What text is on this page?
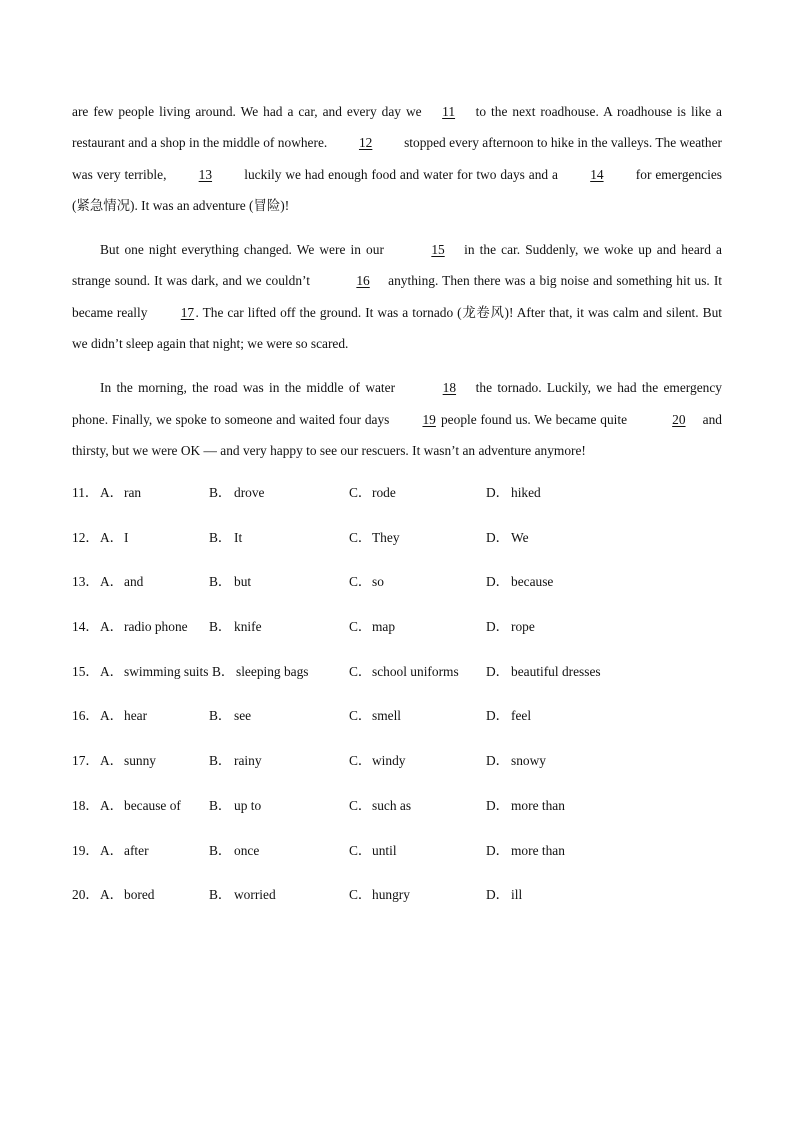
are few people living around. We had a car, and every day we 11 to the next roadhouse. A roadhouse is like a restaurant and a shop in the middle of nowhere. 12 stopped every afternoon to hike in the valleys. The weather was very terrible, 13 luckily we had enough food and water for two days and a 14 for emergencies (紧急情况). It was an adventure (冒险)!

But one night everything changed. We were in our	15 in the car. Suddenly, we woke up and heard a strange sound. It was dark, and we couldn’t	16 anything. Then there was a big noise and something hit us. It became really 17. The car lifted off the ground. It was a tornado (龙卷风)! After that, it was calm and silent. But we didn’t sleep again that night; we were so scared.

In the morning, the road was in the middle of water	18 the tornado. Luckily, we had the emergency phone. Finally, we spoke to someone and waited four days 19 people found us. We became quite	20 and thirsty, but we were OK — and very happy to see our rescuers. It wasn’t an adventure anymore!

11． A． ran	B． drove	C． rode	D． hiked
12． A． I	B． It	C． They	D． We
13． A． and	B． but	C． so	D． because
14． A． radio phone B． knife	C． map	D． rope
15． A． swimming suits B． sleeping bags	C． school uniforms D． beautiful dresses
16． A． hear	B． see	C． smell	D． feel
17． A． sunny	B． rainy	C． windy	D． snowy
18． A． because of B． up to	C． such as	D． more than
19． A． after	B． once	C． until	D． more than
20． A． bored	B． worried	C． hungry	D． ill
